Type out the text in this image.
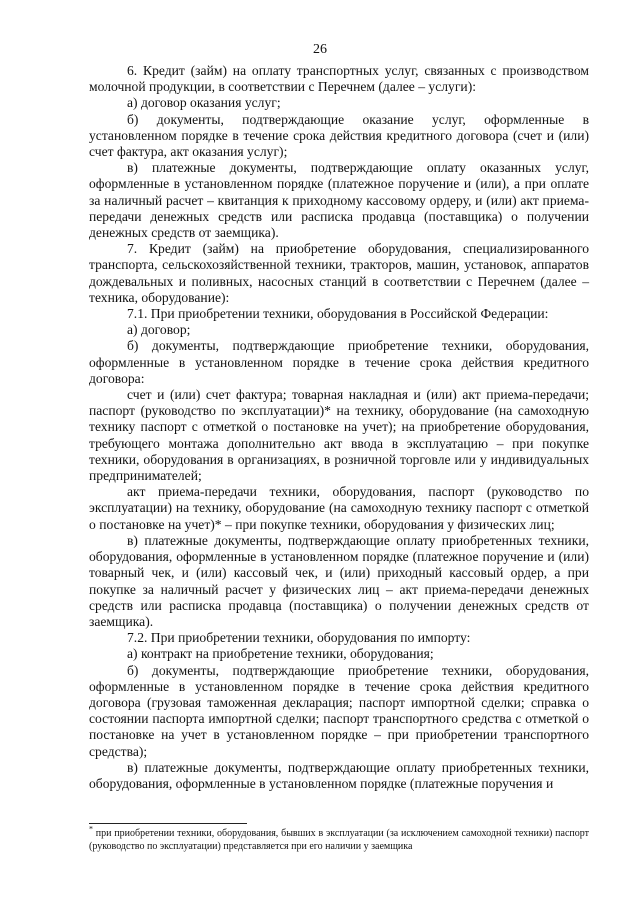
26

6. Кредит (займ) на оплату транспортных услуг, связанных с производством молочной продукции, в соответствии с Перечнем (далее – услуги):

а) договор оказания услуг;

б) документы, подтверждающие оказание услуг, оформленные в установленном порядке в течение срока действия кредитного договора (счет и (или) счет фактура, акт оказания услуг);

в) платежные документы, подтверждающие оплату оказанных услуг, оформленные в установленном порядке (платежное поручение и (или), а при оплате за наличный расчет – квитанция к приходному кассовому ордеру, и (или) акт приема-передачи денежных средств или расписка продавца (поставщика) о получении денежных средств от заемщика).

7. Кредит (займ) на приобретение оборудования, специализированного транспорта, сельскохозяйственной техники, тракторов, машин, установок, аппаратов дождевальных и поливных, насосных станций в соответствии с Перечнем (далее – техника, оборудование):

7.1. При приобретении техники, оборудования в Российской Федерации:

а) договор;

б) документы, подтверждающие приобретение техники, оборудования, оформленные в установленном порядке в течение срока действия кредитного договора:

счет и (или) счет фактура; товарная накладная и (или) акт приема-передачи; паспорт (руководство по эксплуатации)* на технику, оборудование (на самоходную технику паспорт с отметкой о постановке на учет); на приобретение оборудования, требующего монтажа дополнительно акт ввода в эксплуатацию – при покупке техники, оборудования в организациях, в розничной торговле или у индивидуальных предпринимателей;

акт приема-передачи техники, оборудования, паспорт (руководство по эксплуатации) на технику, оборудование (на самоходную технику паспорт с отметкой о постановке на учет)* – при покупке техники, оборудования у физических лиц;

в) платежные документы, подтверждающие оплату приобретенных техники, оборудования, оформленные в установленном порядке (платежное поручение и (или) товарный чек, и (или) кассовый чек, и (или) приходный кассовый ордер, а при покупке за наличный расчет у физических лиц – акт приема-передачи денежных средств или расписка продавца (поставщика) о получении денежных средств от заемщика).

7.2. При приобретении техники, оборудования по импорту:

а) контракт на приобретение техники, оборудования;

б) документы, подтверждающие приобретение техники, оборудования, оформленные в установленном порядке в течение срока действия кредитного договора (грузовая таможенная декларация; паспорт импортной сделки; справка о состоянии паспорта импортной сделки; паспорт транспортного средства с отметкой о постановке на учет в установленном порядке – при приобретении транспортного средства);

в) платежные документы, подтверждающие оплату приобретенных техники, оборудования, оформленные в установленном порядке (платежные поручения и

* при приобретении техники, оборудования, бывших в эксплуатации (за исключением самоходной техники) паспорт (руководство по эксплуатации) представляется при его наличии у заемщика
